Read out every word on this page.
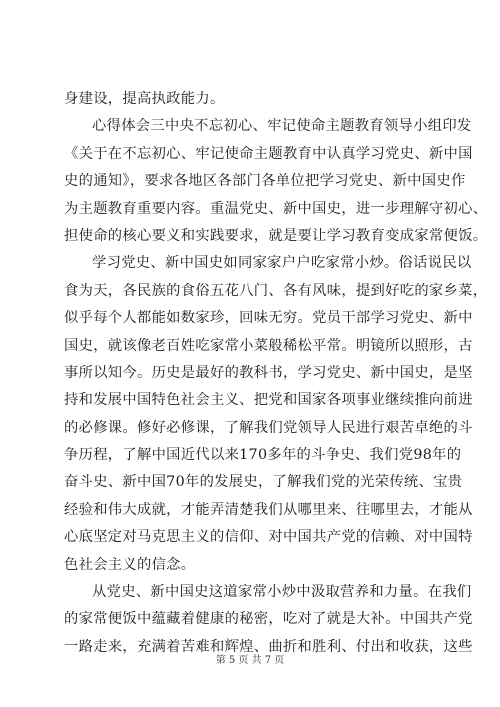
身建设，提高执政能力。

心得体会三中央不忘初心、牢记使命主题教育领导小组印发

《关于在不忘初心、牢记使命主题教育中认真学习党史、新中国

史的通知》，要求各地区各部门各单位把学习党史、新中国史作

为主题教育重要内容。重温党史、新中国史，进一步理解守初心、

担使命的核心要义和实践要求，就是要让学习教育变成家常便饭。

学习党史、新中国史如同家家户户吃家常小炒。俗话说民以

食为天，各民族的食俗五花八门、各有风味，提到好吃的家乡菜，

似乎每个人都能如数家珍，回味无穷。党员干部学习党史、新中

国史，就该像老百姓吃家常小菜般稀松平常。明镜所以照形，古

事所以知今。历史是最好的教科书，学习党史、新中国史，是坚

持和发展中国特色社会主义、把党和国家各项事业继续推向前进

的必修课。修好必修课，了解我们党领导人民进行艰苦卓绝的斗

争历程，了解中国近代以来170多年的斗争史、我们党98年的

奋斗史、新中国70年的发展史，了解我们党的光荣传统、宝贵

经验和伟大成就，才能弄清楚我们从哪里来、往哪里去，才能从

心底坚定对马克思主义的信仰、对中国共产党的信赖、对中国特

色社会主义的信念。

从党史、新中国史这道家常小炒中汲取营养和力量。在我们

的家常便饭中蕴藏着健康的秘密，吃对了就是大补。中国共产党

一路走来，充满着苦难和辉煌、曲折和胜利、付出和收获，这些

第 5 页 共 7 页
